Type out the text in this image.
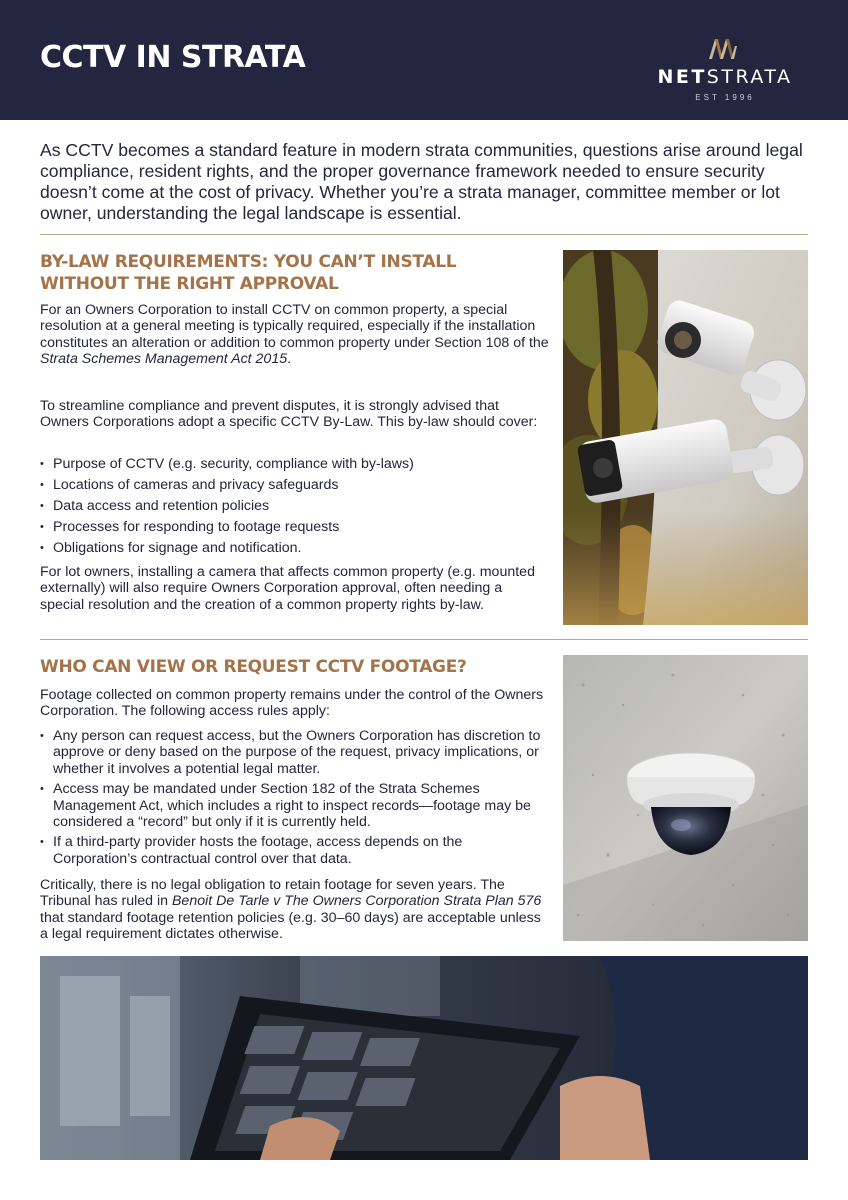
CCTV IN STRATA
NETSTRATA
EST 1996

As CCTV becomes a standard feature in modern strata communities, questions arise around legal compliance, resident rights, and the proper governance framework needed to ensure security doesn’t come at the cost of privacy. Whether you’re a strata manager, committee member or lot owner, understanding the legal landscape is essential.

BY-LAW REQUIREMENTS: YOU CAN’T INSTALL
WITHOUT THE RIGHT APPROVAL

For an Owners Corporation to install CCTV on common property, a special resolution at a general meeting is typically required, especially if the installation constitutes an alteration or addition to common property under Section 108 of the Strata Schemes Management Act 2015.

To streamline compliance and prevent disputes, it is strongly advised that Owners Corporations adopt a specific CCTV By-Law. This by-law should cover:

• Purpose of CCTV (e.g. security, compliance with by-laws)
• Locations of cameras and privacy safeguards
• Data access and retention policies
• Processes for responding to footage requests
• Obligations for signage and notification.

For lot owners, installing a camera that affects common property (e.g. mounted externally) will also require Owners Corporation approval, often needing a special resolution and the creation of a common property rights by-law.

WHO CAN VIEW OR REQUEST CCTV FOOTAGE?

Footage collected on common property remains under the control of the Owners Corporation. The following access rules apply:

• Any person can request access, but the Owners Corporation has discretion to approve or deny based on the purpose of the request, privacy implications, or whether it involves a potential legal matter.
• Access may be mandated under Section 182 of the Strata Schemes Management Act, which includes a right to inspect records—footage may be considered a “record” but only if it is currently held.
• If a third-party provider hosts the footage, access depends on the Corporation’s contractual control over that data.

Critically, there is no legal obligation to retain footage for seven years. The Tribunal has ruled in Benoit De Tarle v The Owners Corporation Strata Plan 576 that standard footage retention policies (e.g. 30–60 days) are acceptable unless a legal requirement dictates otherwise.
